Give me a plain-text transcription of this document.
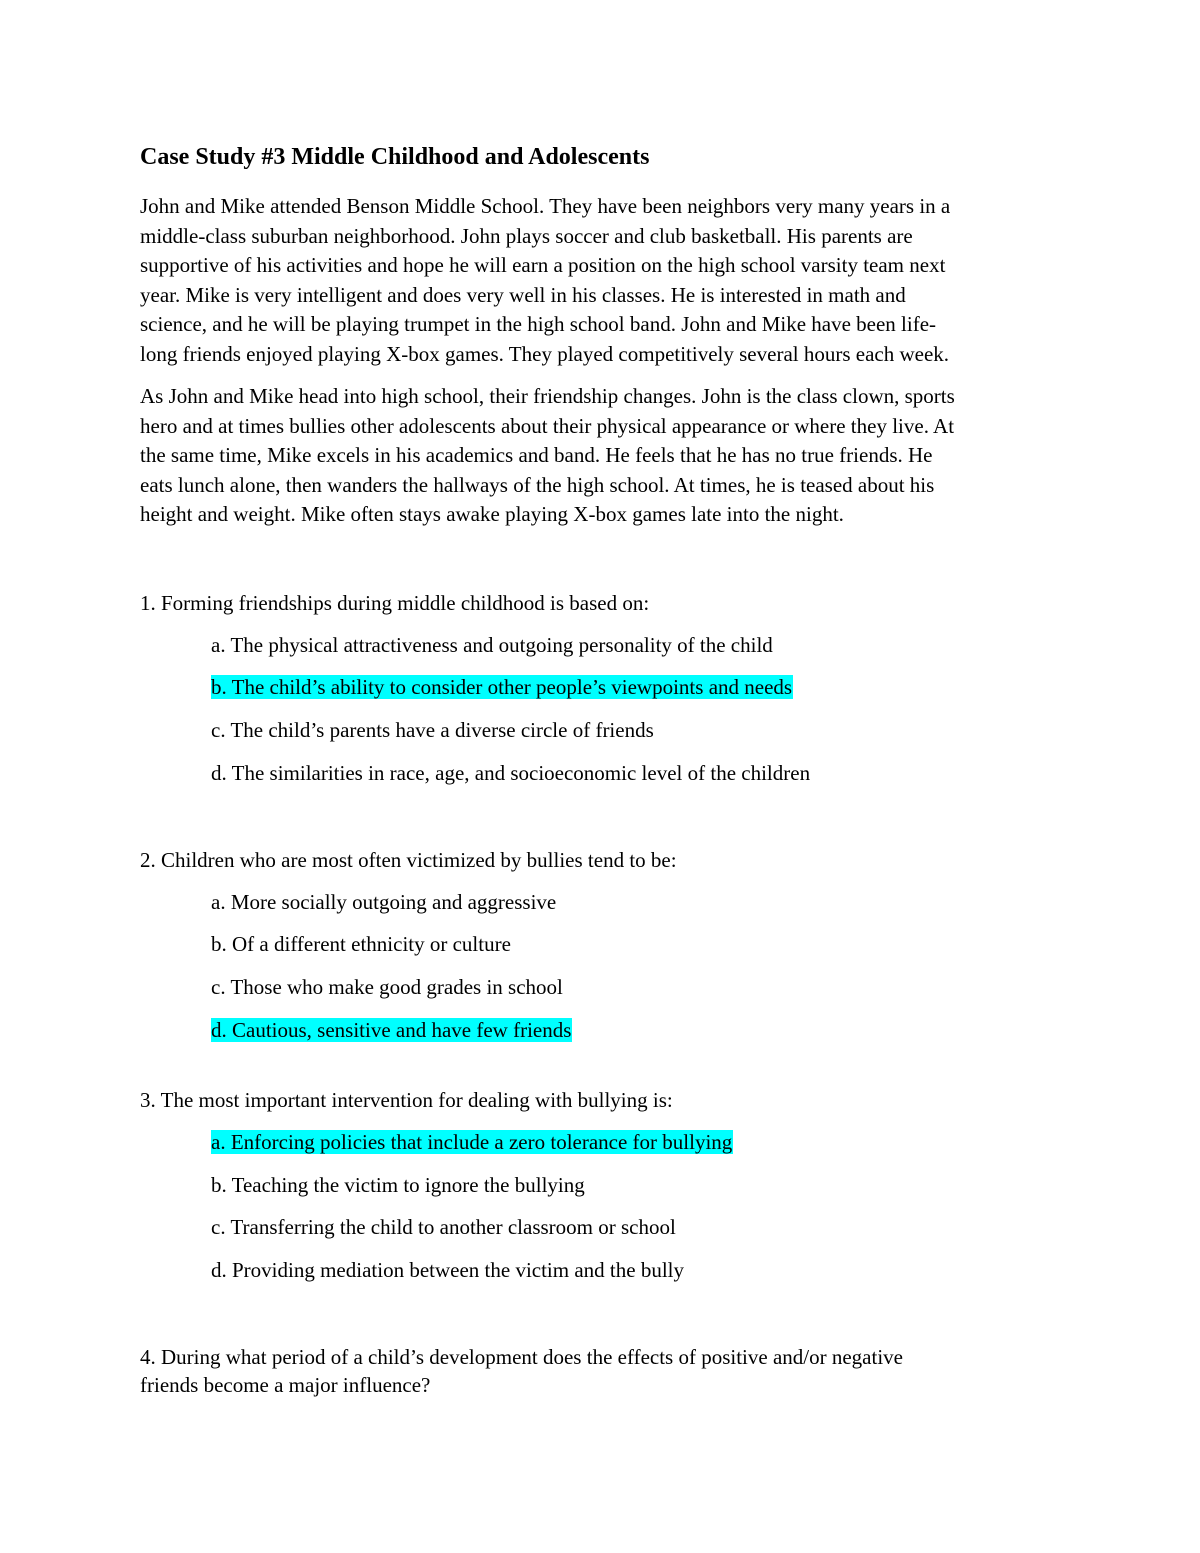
Case Study #3 Middle Childhood and Adolescents
John and Mike attended Benson Middle School. They have been neighbors very many years in a
middle-class suburban neighborhood. John plays soccer and club basketball. His parents are
supportive of his activities and hope he will earn a position on the high school varsity team next
year. Mike is very intelligent and does very well in his classes. He is interested in math and
science, and he will be playing trumpet in the high school band. John and Mike have been life-
long friends enjoyed playing X-box games. They played competitively several hours each week.
As John and Mike head into high school, their friendship changes. John is the class clown, sports
hero and at times bullies other adolescents about their physical appearance or where they live. At
the same time, Mike excels in his academics and band. He feels that he has no true friends. He
eats lunch alone, then wanders the hallways of the high school. At times, he is teased about his
height and weight. Mike often stays awake playing X-box games late into the night.
1. Forming friendships during middle childhood is based on:
a. The physical attractiveness and outgoing personality of the child
b. The child’s ability to consider other people’s viewpoints and needs
c. The child’s parents have a diverse circle of friends
d. The similarities in race, age, and socioeconomic level of the children
2. Children who are most often victimized by bullies tend to be:
a. More socially outgoing and aggressive
b. Of a different ethnicity or culture
c. Those who make good grades in school
d. Cautious, sensitive and have few friends
3. The most important intervention for dealing with bullying is:
a. Enforcing policies that include a zero tolerance for bullying
b. Teaching the victim to ignore the bullying
c. Transferring the child to another classroom or school
d. Providing mediation between the victim and the bully
4. During what period of a child’s development does the effects of positive and/or negative
friends become a major influence?
